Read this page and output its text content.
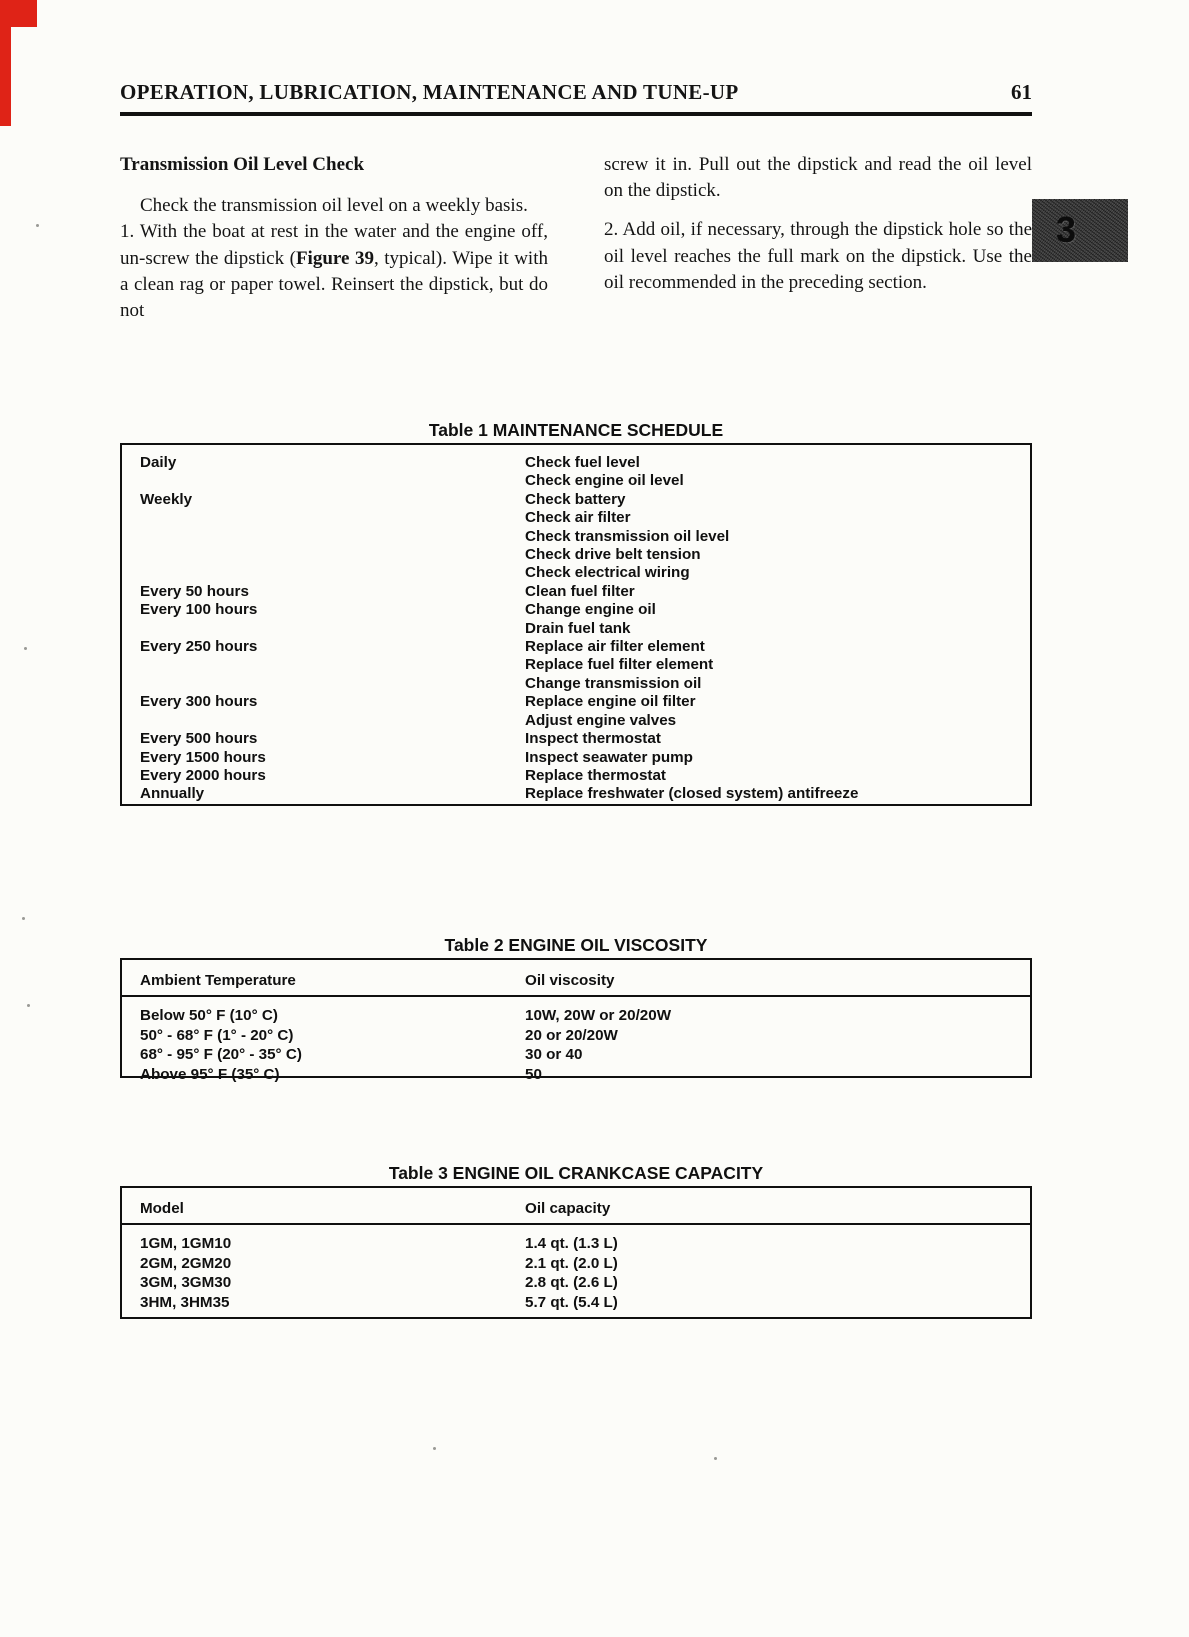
3
OPERATION, LUBRICATION, MAINTENANCE AND TUNE-UP	61
Transmission Oil Level Check

Check the transmission oil level on a weekly basis.

1. With the boat at rest in the water and the engine off, un-screw the dipstick (Figure 39, typical). Wipe it with a clean rag or paper towel. Reinsert the dipstick, but do not

screw it in. Pull out the dipstick and read the oil level on the dipstick.

2. Add oil, if necessary, through the dipstick hole so the oil level reaches the full mark on the dipstick. Use the oil recommended in the preceding section.

Table 1 MAINTENANCE SCHEDULE
Daily	Check fuel level
Check engine oil level
Weekly	Check battery
Check air filter
Check transmission oil level
Check drive belt tension
Check electrical wiring
Every 50 hours	Clean fuel filter
Every 100 hours	Change engine oil
Drain fuel tank
Every 250 hours	Replace air filter element
Replace fuel filter element
Change transmission oil
Every 300 hours	Replace engine oil filter
Adjust engine valves
Every 500 hours	Inspect thermostat
Every 1500 hours	Inspect seawater pump
Every 2000 hours	Replace thermostat
Annually	Replace freshwater (closed system) antifreeze
Table 2 ENGINE OIL VISCOSITY
Ambient Temperature	Oil viscosity
Below 50° F (10° C)	10W, 20W or 20/20W
50° - 68° F (1° - 20° C)	20 or 20/20W
68° - 95° F (20° - 35° C)	30 or 40
Above 95° F (35° C)	50
Table 3 ENGINE OIL CRANKCASE CAPACITY
Model	Oil capacity
1GM, 1GM10	1.4 qt. (1.3 L)
2GM, 2GM20	2.1 qt. (2.0 L)
3GM, 3GM30	2.8 qt. (2.6 L)
3HM, 3HM35	5.7 qt. (5.4 L)
